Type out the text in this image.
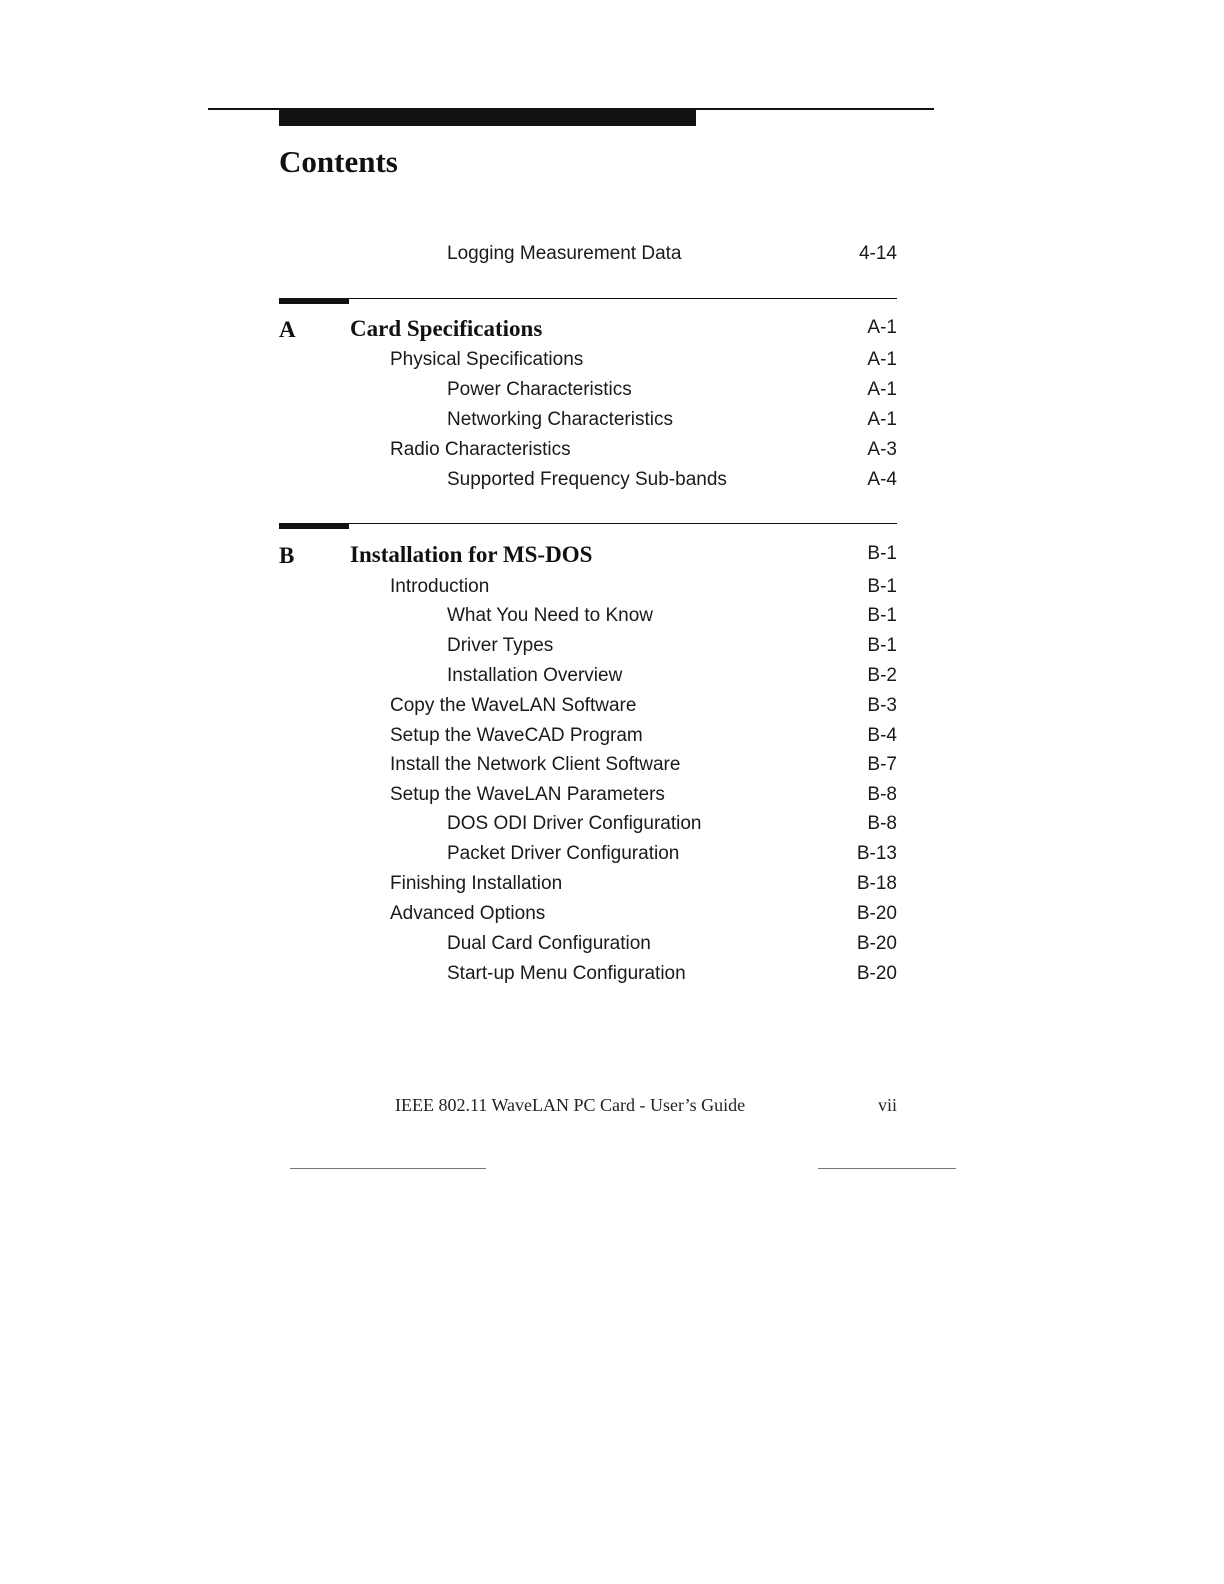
Contents
Logging Measurement Data	4-14
A Card Specifications	A-1
Physical Specifications	A-1
Power Characteristics	A-1
Networking Characteristics	A-1
Radio Characteristics	A-3
Supported Frequency Sub-bands	A-4
B Installation for MS-DOS	B-1
Introduction	B-1
What You Need to Know	B-1
Driver Types	B-1
Installation Overview	B-2
Copy the WaveLAN Software	B-3
Setup the WaveCAD Program	B-4
Install the Network Client Software	B-7
Setup the WaveLAN Parameters	B-8
DOS ODI Driver Configuration	B-8
Packet Driver Configuration	B-13
Finishing Installation	B-18
Advanced Options	B-20
Dual Card Configuration	B-20
Start-up Menu Configuration	B-20
IEEE 802.11 WaveLAN PC Card - User’s Guide	vii
